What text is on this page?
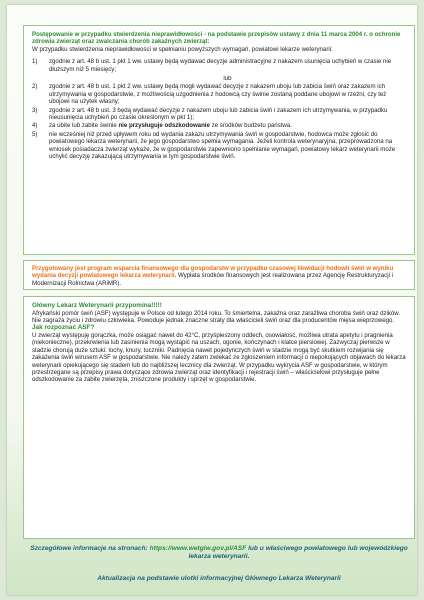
Postępowanie w przypadku stwierdzenia nieprawidłowości - na podstawie przepisów ustawy z dnia 11 marca 2004 r. o ochronie zdrowia zwierząt oraz zwalczania chorób zakaźnych zwierząt:

W przypadku stwierdzenia nieprawidłowości w spełnianiu powyższych wymagań, powiatowi lekarze weterynarii:

1) zgodnie z art. 48 b ust. 1 pkt 1 ww. ustawy będą wydawać decyzje administracyjne z nakazem usunięcia uchybień w czasie nie dłuższym niż 5 miesięcy;
lub
2) zgodnie z art. 48 b ust. 1 pkt 2 ww. ustawy będą mogli wydawać decyzje z nakazem uboju lub zabicia świń oraz zakazem ich utrzymywania w gospodarstwie, z możliwością uzgodnienia z hodowcą czy świnie zostaną poddane ubojowi w rzeźni, czy też ubojowi na użytek własny;
3) zgodnie z art. 48 b ust. 3 będą wydawać decyzje z nakazem uboju lub zabicia świń i zakazem ich utrzymywania, w przypadku nieusunięcia uchybień po czasie określonym w pkt 1);
4) za ubite lub zabite świnie nie przysługuje odszkodowanie ze środków budżetu państwa.
5) nie wcześniej niż przed upływem roku od wydania zakazu utrzymywania świń w gospodarstwie, hodowca może zgłosić do powiatowego lekarza weterynarii, że jego gospodarstwo spełnia wymagania. Jeżeli kontrola weterynaryjna, przeprowadzona na wniosek posiadacza zwierząt wykaże, że w gospodarstwie zapewniono spełnianie wymagań, powiatowy lekarz weterynarii może uchylić decyzję zakazującą utrzymywania w tym gospodarstwie świń.

Przygotowany jest program wsparcia finansowego dla gospodarstw w przypadku czasowej likwidacji hodowli świń w wyniku wydania decyzji powiatowego lekarza weterynarii. Wypłata środków finansowych jest realizowana przez Agencję Restrukturyzacji i Modernizacji Rolnictwa (ARiMR).

Główny Lekarz Weterynarii przypomina!!!!!

Afrykański pomór świń (ASF) występuje w Polsce od lutego 2014 roku. To śmiertelna, zakaźna oraz zaraźliwa choroba świń oraz dzików. Nie zagraża życiu i zdrowiu człowieka. Powoduje jednak znaczne straty dla właścicieli świń oraz dla producentów mięsa wieprzowego.

Jak rozpoznać ASF?

U zwierząt występuję gorączka, może osiągać nawet do 42°C, przyśpieszony oddech, osowiałość, możliwa utrata apetytu i pragnienia (niekonieczne), przekrwienia lub zasinienia mogą wystąpić na uszach, ogonie, kończynach i klatce piersiowej. Zazwyczaj pierwsze w stadzie chorują duże sztuki: lochy, knury, tuczniki. Padnięcia nawet pojedynczych świń w stadzie mogą być skutkiem rozwijania się zakażenia świń wirusem ASF w gospodarstwie. Nie należy zatem zwlekać ze zgłoszeniem informacji o niepokojących objawach do lekarza weterynarii opiekującego się stadem lub do najbliższej lecznicy dla zwierząt. W przypadku wykrycia ASF w gospodarstwie, w którym przestrzegane są przepisy prawa dotyczące zdrowia zwierząt oraz identyfikacji i rejestracji świń – właścicielowi przysługuje pełne odszkodowanie za zabite zwierzęta, zniszczone produkty i sprzęt w gospodarstwie.

Szczegółowe informacje na stronach: https://www.wetgiw.gov.pl/ASF lub u właściwego powiatowego lub wojewódzkiego lekarza weterynarii.
Aktualizacja na podstawie ulotki informacyjnej Głównego Lekarza Weterynarii
